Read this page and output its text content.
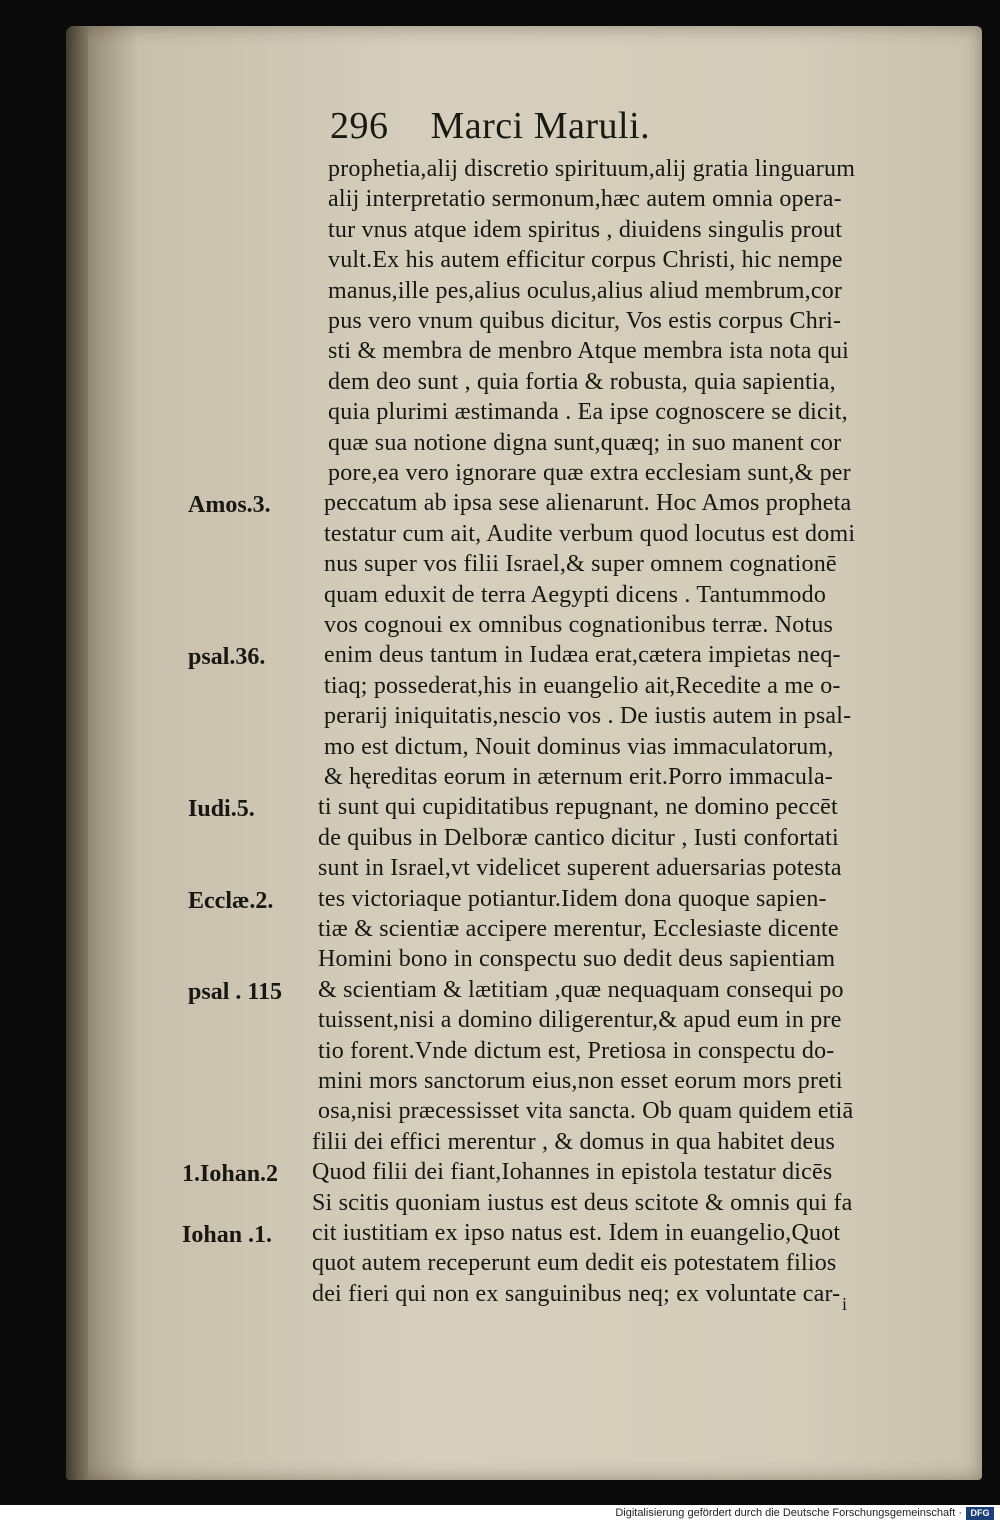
296 Marci Maruli.
prophetia,alij discretio spirituum,alij gratia linguarum
alij interpretatio sermonum,hæc autem omnia opera-
tur vnus atque idem spiritus , diuidens singulis prout
vult.Ex his autem efficitur corpus Christi, hic nempe
manus,ille pes,alius oculus,alius aliud membrum,cor
pus vero vnum quibus dicitur, Vos estis corpus Chri-
sti & membra de menbro Atque membra ista nota qui
dem deo sunt , quia fortia & robusta, quia sapientia,
quia plurimi æstimanda . Ea ipse cognoscere se dicit,
quæ sua notione digna sunt,quæq; in suo manent cor
pore,ea vero ignorare quæ extra ecclesiam sunt,& per
peccatum ab ipsa sese alienarunt. Hoc Amos propheta
testatur cum ait, Audite verbum quod locutus est domi
nus super vos filii Israel,& super omnem cognationē
quam eduxit de terra Aegypti dicens . Tantummodo
vos cognoui ex omnibus cognationibus terræ. Notus
enim deus tantum in Iudæa erat,cætera impietas neq-
tiaq; possederat,his in euangelio ait,Recedite a me o-
perarij iniquitatis,nescio vos . De iustis autem in psal-
mo est dictum, Nouit dominus vias immaculatorum,
& hęreditas eorum in æternum erit.Porro immacula-
ti sunt qui cupiditatibus repugnant, ne domino peccēt
de quibus in Delboræ cantico dicitur , Iusti confortati
sunt in Israel,vt videlicet superent aduersarias potesta
tes victoriaque potiantur.Iidem dona quoque sapien-
tiæ & scientiæ accipere merentur, Ecclesiaste dicente
Homini bono in conspectu suo dedit deus sapientiam
& scientiam & lætitiam ,quæ nequaquam consequi po
tuissent,nisi a domino diligerentur,& apud eum in pre
tio forent.Vnde dictum est, Pretiosa in conspectu do-
mini mors sanctorum eius,non esset eorum mors preti
osa,nisi præcessisset vita sancta. Ob quam quidem etiā
filii dei effici merentur , & domus in qua habitet deus
Quod filii dei fiant,Iohannes in epistola testatur dicēs
Si scitis quoniam iustus est deus scitote & omnis qui fa
cit iustitiam ex ipso natus est. Idem in euangelio,Quot
quot autem receperunt eum dedit eis potestatem filios
dei fieri qui non ex sanguinibus neq; ex voluntate car-
Amos.3.
psal.36.
Iudi.5.
Ecclæ.2.
psal . 115
1.Iohan.2
Iohan .1.
i
Digitalisierung gefördert durch die Deutsche Forschungsgemeinschaft · DFG
